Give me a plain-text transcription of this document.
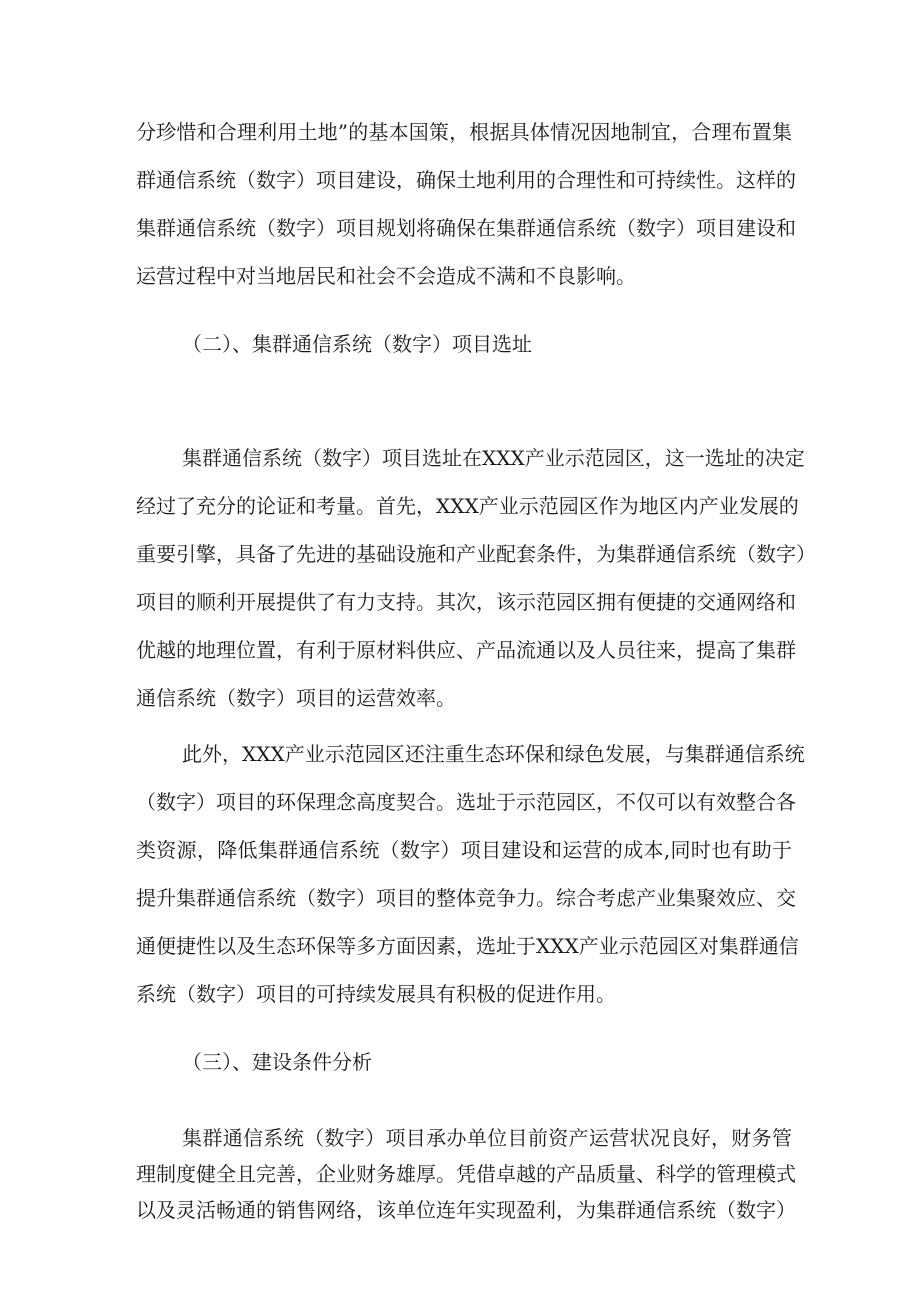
分珍惜和合理利用土地”的基本国策，根据具体情况因地制宜，合理布置集
群通信系统（数字）项目建设，确保土地利用的合理性和可持续性。这样的
集群通信系统（数字）项目规划将确保在集群通信系统（数字）项目建设和
运营过程中对当地居民和社会不会造成不满和不良影响。
（二）、集群通信系统（数字）项目选址
集群通信系统（数字）项目选址在XXX产业示范园区，这一选址的决定
经过了充分的论证和考量。首先，XXX产业示范园区作为地区内产业发展的
重要引擎，具备了先进的基础设施和产业配套条件，为集群通信系统（数字）
项目的顺利开展提供了有力支持。其次，该示范园区拥有便捷的交通网络和
优越的地理位置，有利于原材料供应、产品流通以及人员往来，提高了集群
通信系统（数字）项目的运营效率。
此外，XXX产业示范园区还注重生态环保和绿色发展，与集群通信系统
（数字）项目的环保理念高度契合。选址于示范园区，不仅可以有效整合各
类资源，降低集群通信系统（数字）项目建设和运营的成本,同时也有助于
提升集群通信系统（数字）项目的整体竞争力。综合考虑产业集聚效应、交
通便捷性以及生态环保等多方面因素，选址于XXX产业示范园区对集群通信
系统（数字）项目的可持续发展具有积极的促进作用。
（三）、建设条件分析
集群通信系统（数字）项目承办单位目前资产运营状况良好，财务管
理制度健全且完善，企业财务雄厚。凭借卓越的产品质量、科学的管理模式
以及灵活畅通的销售网络，该单位连年实现盈利，为集群通信系统（数字）
